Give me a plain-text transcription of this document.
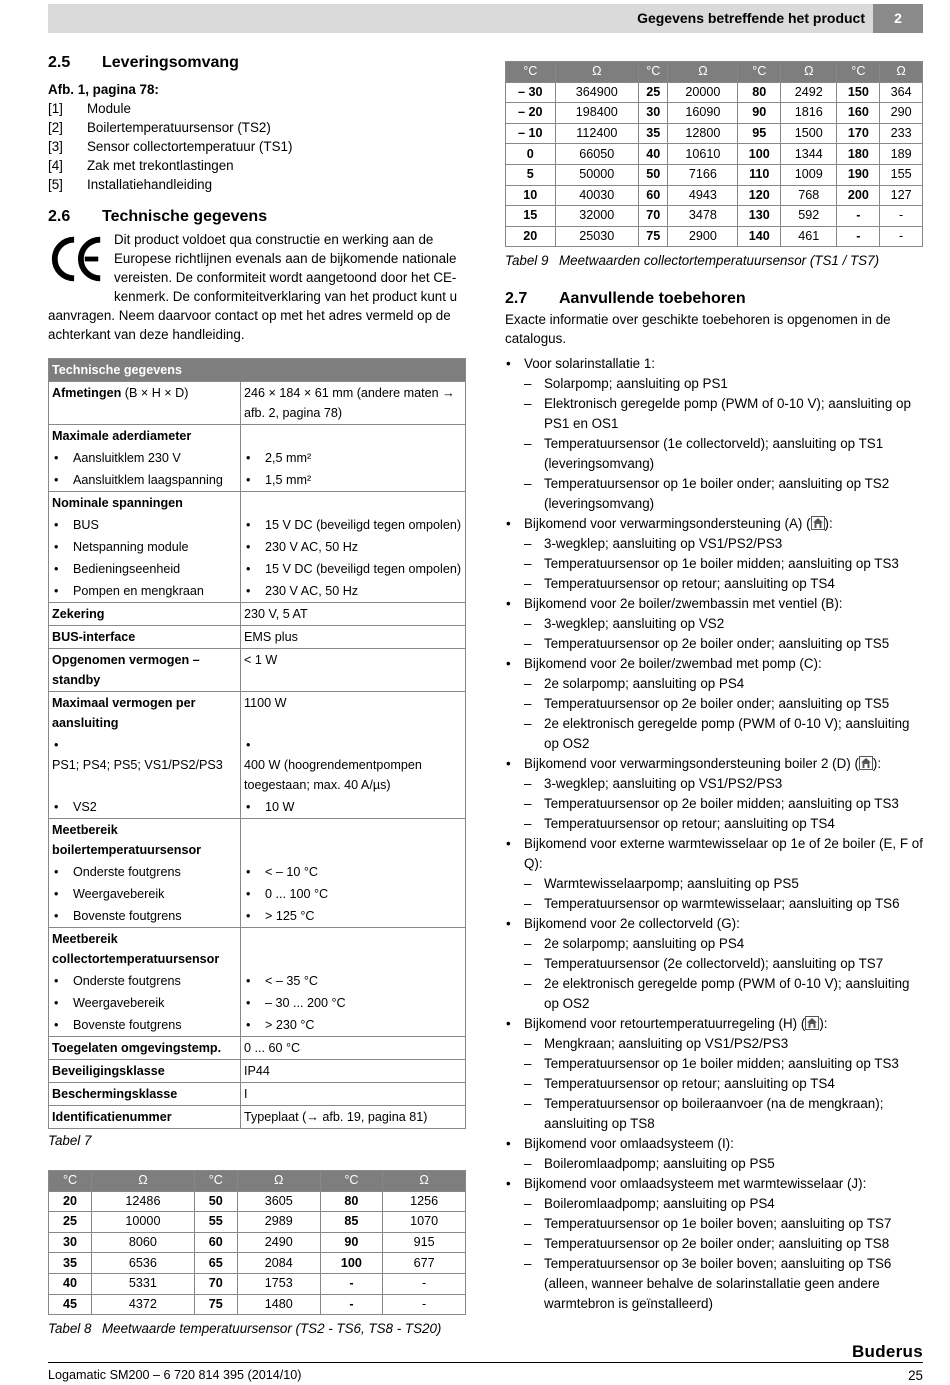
Gegevens betreffende het product	2
2.5 Leveringsomvang

Afb. 1, pagina 78:

[1] Module
[2] Boilertemperatuursensor (TS2)
[3] Sensor collectortemperatuur (TS1)
[4] Zak met trekontlastingen
[5] Installatiehandleiding
2.6 Technische gegevens

Dit product voldoet qua constructie en werking aan de Europese richtlijnen evenals aan de bijkomende nationale vereisten. De conformiteit wordt aangetoond door het CE-kenmerk. De conformiteitverklaring van het product kunt u aanvragen. Neem daarvoor contact op met het adres vermeld op de achterkant van deze handleiding.

Technische gegevens	
Afmetingen (B × H × D)	246 × 184 × 61 mm (andere maten → afb. 2, pagina 78)
Maximale aderdiameter	
• Aansluitklem 230 V	• 2,5 mm²
• Aansluitklem laagspanning	• 1,5 mm²
Nominale spanningen	
• BUS	• 15 V DC (beveiligd tegen ompolen)
• Netspanning module	• 230 V AC, 50 Hz
• Bedieningseenheid	• 15 V DC (beveiligd tegen ompolen)
• Pompen en mengkraan	• 230 V AC, 50 Hz
Zekering	230 V, 5 AT
BUS-interface	EMS plus
Opgenomen vermogen – standby	< 1 W
Maximaal vermogen per aansluiting	1100 W
•PS1; PS4; PS5; VS1/PS2/PS3	•400 W (hoogrendementpompen toegestaan; max. 40 A/µs)
• VS2	• 10 W
Meetbereik boilertemperatuursensor	
• Onderste foutgrens	• < – 10 °C
• Weergavebereik	• 0 ... 100 °C
• Bovenste foutgrens	• > 125 °C
Meetbereik collectortemperatuursensor	
• Onderste foutgrens	• < – 35 °C
• Weergavebereik	• – 30 ... 200 °C
• Bovenste foutgrens	• > 230 °C
Toegelaten omgevingstemp.	0 ... 60 °C
Beveiligingsklasse	IP44
Beschermingsklasse	I
Identificatienummer	Typeplaat (→ afb. 19, pagina 81)
Tabel 7
°C	Ω	°C	Ω	°C	Ω
20	12486	50	3605	80	1256
25	10000	55	2989	85	1070
30	8060	60	2490	90	915
35	6536	65	2084	100	677
40	5331	70	1753	-	-
45	4372	75	1480	-	-
Tabel 8 Meetwaarde temperatuursensor (TS2 - TS6, TS8 - TS20)
°C	Ω	°C	Ω	°C	Ω	°C	Ω
– 30	364900	25	20000	80	2492	150	364
– 20	198400	30	16090	90	1816	160	290
– 10	112400	35	12800	95	1500	170	233
0	66050	40	10610	100	1344	180	189
5	50000	50	7166	110	1009	190	155
10	40030	60	4943	120	768	200	127
15	32000	70	3478	130	592	-	-
20	25030	75	2900	140	461	-	-
Tabel 9 Meetwaarden collectortemperatuursensor (TS1 / TS7)
2.7 Aanvullende toebehoren

Exacte informatie over geschikte toebehoren is opgenomen in de catalogus.

• Voor solarinstallatie 1:
– Solarpomp; aansluiting op PS1
– Elektronisch geregelde pomp (PWM of 0-10 V); aansluiting op PS1 en OS1
– Temperatuursensor (1e collectorveld); aansluiting op TS1 (leveringsomvang)
– Temperatuursensor op 1e boiler onder; aansluiting op TS2 (leveringsomvang)
• Bijkomend voor verwarmingsondersteuning (A) ( ):
– 3-wegklep; aansluiting op VS1/PS2/PS3
– Temperatuursensor op 1e boiler midden; aansluiting op TS3
– Temperatuursensor op retour; aansluiting op TS4
• Bijkomend voor 2e boiler/zwembassin met ventiel (B):
– 3-wegklep; aansluiting op VS2
– Temperatuursensor op 2e boiler onder; aansluiting op TS5
• Bijkomend voor 2e boiler/zwembad met pomp (C):
– 2e solarpomp; aansluiting op PS4
– Temperatuursensor op 2e boiler onder; aansluiting op TS5
– 2e elektronisch geregelde pomp (PWM of 0-10 V); aansluiting op OS2
• Bijkomend voor verwarmingsondersteuning boiler 2 (D) ( ):
– 3-wegklep; aansluiting op VS1/PS2/PS3
– Temperatuursensor op 2e boiler midden; aansluiting op TS3
– Temperatuursensor op retour; aansluiting op TS4
• Bijkomend voor externe warmtewisselaar op 1e of 2e boiler (E, F of Q):
– Warmtewisselaarpomp; aansluiting op PS5
– Temperatuursensor op warmtewisselaar; aansluiting op TS6
• Bijkomend voor 2e collectorveld (G):
– 2e solarpomp; aansluiting op PS4
– Temperatuursensor (2e collectorveld); aansluiting op TS7
– 2e elektronisch geregelde pomp (PWM of 0-10 V); aansluiting op OS2
• Bijkomend voor retourtemperatuurregeling (H) ( ):
– Mengkraan; aansluiting op VS1/PS2/PS3
– Temperatuursensor op 1e boiler midden; aansluiting op TS3
– Temperatuursensor op retour; aansluiting op TS4
– Temperatuursensor op boileraanvoer (na de mengkraan); aansluiting op TS8
• Bijkomend voor omlaadsysteem (I):
– Boileromlaadpomp; aansluiting op PS5
• Bijkomend voor omlaadsysteem met warmtewisselaar (J):
– Boileromlaadpomp; aansluiting op PS4
– Temperatuursensor op 1e boiler boven; aansluiting op TS7
– Temperatuursensor op 2e boiler onder; aansluiting op TS8
– Temperatuursensor op 3e boiler boven; aansluiting op TS6 (alleen, wanneer behalve de solarinstallatie geen andere warmtebron is geïnstalleerd)
Buderus
Logamatic SM200 – 6 720 814 395 (2014/10)	25
